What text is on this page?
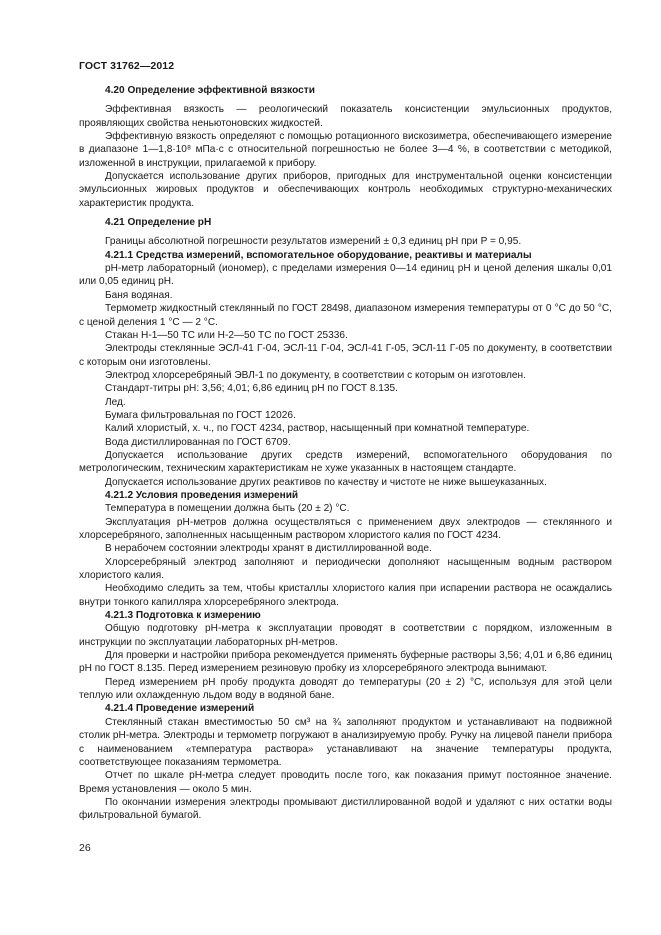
ГОСТ 31762—2012

4.20 Определение эффективной вязкости

Эффективная вязкость — реологический показатель консистенции эмульсионных продуктов, проявляющих свойства неньютоновских жидкостей.

Эффективную вязкость определяют с помощью ротационного вискозиметра, обеспечивающего измерение в диапазоне 1—1,8·10⁸ мПа·с с относительной погрешностью не более 3—4 %, в соответствии с методикой, изложенной в инструкции, прилагаемой к прибору.

Допускается использование других приборов, пригодных для инструментальной оценки консистенции эмульсионных жировых продуктов и обеспечивающих контроль необходимых структурно-механических характеристик продукта.

4.21 Определение pH

Границы абсолютной погрешности результатов измерений ± 0,3 единиц pH при P = 0,95.

4.21.1 Средства измерений, вспомогательное оборудование, реактивы и материалы

pH-метр лабораторный (иономер), с пределами измерения 0—14 единиц pH и ценой деления шкалы 0,01 или 0,05 единиц pH.

Баня водяная.

Термометр жидкостный стеклянный по ГОСТ 28498, диапазоном измерения температуры от 0 °С до 50 °С, с ценой деления 1 °С — 2 °С.

Стакан Н-1—50 ТС или Н-2—50 ТС по ГОСТ 25336.

Электроды стеклянные ЭСЛ-41 Г-04, ЭСЛ-11 Г-04, ЭСЛ-41 Г-05, ЭСЛ-11 Г-05 по документу, в соответствии с которым они изготовлены.

Электрод хлорсеребряный ЭВЛ-1 по документу, в соответствии с которым он изготовлен.

Стандарт-титры pH: 3,56; 4,01; 6,86 единиц pH по ГОСТ 8.135.

Лед.

Бумага фильтровальная по ГОСТ 12026.

Калий хлористый, х. ч., по ГОСТ 4234, раствор, насыщенный при комнатной температуре.

Вода дистиллированная по ГОСТ 6709.

Допускается использование других средств измерений, вспомогательного оборудования по метрологическим, техническим характеристикам не хуже указанных в настоящем стандарте.

Допускается использование других реактивов по качеству и чистоте не ниже вышеуказанных.

4.21.2 Условия проведения измерений

Температура в помещении должна быть (20 ± 2) °С.

Эксплуатация pH-метров должна осуществляться с применением двух электродов — стеклянного и хлорсеребряного, заполненных насыщенным раствором хлористого калия по ГОСТ 4234.

В нерабочем состоянии электроды хранят в дистиллированной воде.

Хлорсеребряный электрод заполняют и периодически дополняют насыщенным водным раствором хлористого калия.

Необходимо следить за тем, чтобы кристаллы хлористого калия при испарении раствора не осаждались внутри тонкого капилляра хлорсеребряного электрода.

4.21.3 Подготовка к измерению

Общую подготовку pH-метра к эксплуатации проводят в соответствии с порядком, изложенным в инструкции по эксплуатации лабораторных pH-метров.

Для проверки и настройки прибора рекомендуется применять буферные растворы 3,56; 4,01 и 6,86 единиц pH по ГОСТ 8.135. Перед измерением резиновую пробку из хлорсеребряного электрода вынимают.

Перед измерением pH пробу продукта доводят до температуры (20 ± 2) °С, используя для этой цели теплую или охлажденную льдом воду в водяной бане.

4.21.4 Проведение измерений

Стеклянный стакан вместимостью 50 см³ на ¾ заполняют продуктом и устанавливают на подвижной столик pH-метра. Электроды и термометр погружают в анализируемую пробу. Ручку на лицевой панели прибора с наименованием «температура раствора» устанавливают на значение температуры продукта, соответствующее показаниям термометра.

Отчет по шкале pH-метра следует проводить после того, как показания примут постоянное значение. Время установления — около 5 мин.

По окончании измерения электроды промывают дистиллированной водой и удаляют с них остатки воды фильтровальной бумагой.

26
